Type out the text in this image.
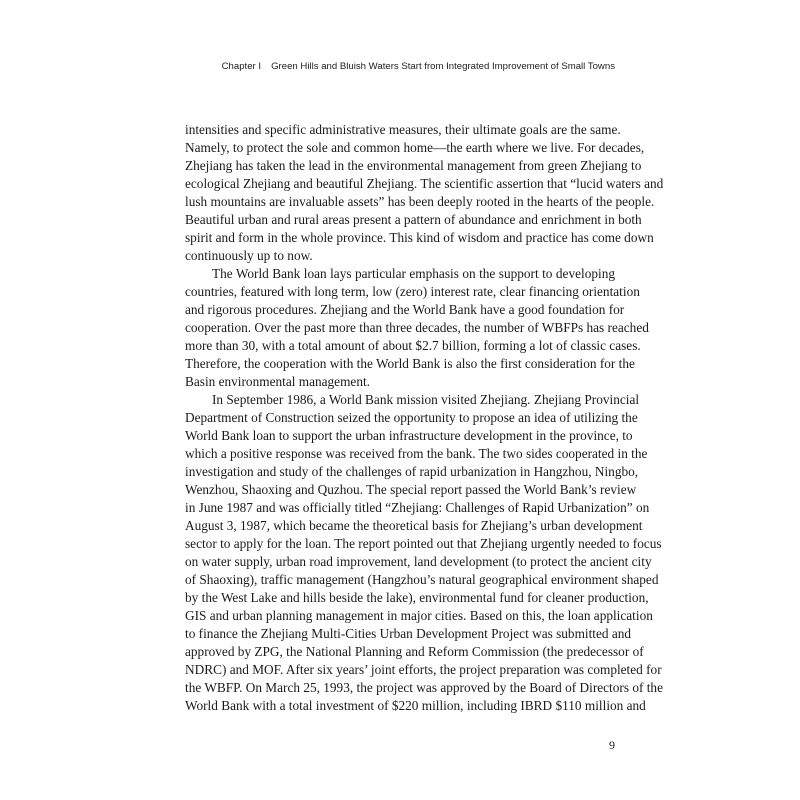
Chapter I Green Hills and Bluish Waters Start from Integrated Improvement of Small Towns
intensities and specific administrative measures, their ultimate goals are the same.
Namely, to protect the sole and common home—the earth where we live. For decades,
Zhejiang has taken the lead in the environmental management from green Zhejiang to
ecological Zhejiang and beautiful Zhejiang. The scientific assertion that “lucid waters and
lush mountains are invaluable assets” has been deeply rooted in the hearts of the people.
Beautiful urban and rural areas present a pattern of abundance and enrichment in both
spirit and form in the whole province. This kind of wisdom and practice has come down
continuously up to now.
The World Bank loan lays particular emphasis on the support to developing
countries, featured with long term, low (zero) interest rate, clear financing orientation
and rigorous procedures. Zhejiang and the World Bank have a good foundation for
cooperation. Over the past more than three decades, the number of WBFPs has reached
more than 30, with a total amount of about $2.7 billion, forming a lot of classic cases.
Therefore, the cooperation with the World Bank is also the first consideration for the
Basin environmental management.
In September 1986, a World Bank mission visited Zhejiang. Zhejiang Provincial
Department of Construction seized the opportunity to propose an idea of utilizing the
World Bank loan to support the urban infrastructure development in the province, to
which a positive response was received from the bank. The two sides cooperated in the
investigation and study of the challenges of rapid urbanization in Hangzhou, Ningbo,
Wenzhou, Shaoxing and Quzhou. The special report passed the World Bank’s review
in June 1987 and was officially titled “Zhejiang: Challenges of Rapid Urbanization” on
August 3, 1987, which became the theoretical basis for Zhejiang’s urban development
sector to apply for the loan. The report pointed out that Zhejiang urgently needed to focus
on water supply, urban road improvement, land development (to protect the ancient city
of Shaoxing), traffic management (Hangzhou’s natural geographical environment shaped
by the West Lake and hills beside the lake), environmental fund for cleaner production,
GIS and urban planning management in major cities. Based on this, the loan application
to finance the Zhejiang Multi-Cities Urban Development Project was submitted and
approved by ZPG, the National Planning and Reform Commission (the predecessor of
NDRC) and MOF. After six years’ joint efforts, the project preparation was completed for
the WBFP. On March 25, 1993, the project was approved by the Board of Directors of the
World Bank with a total investment of $220 million, including IBRD $110 million and
9
